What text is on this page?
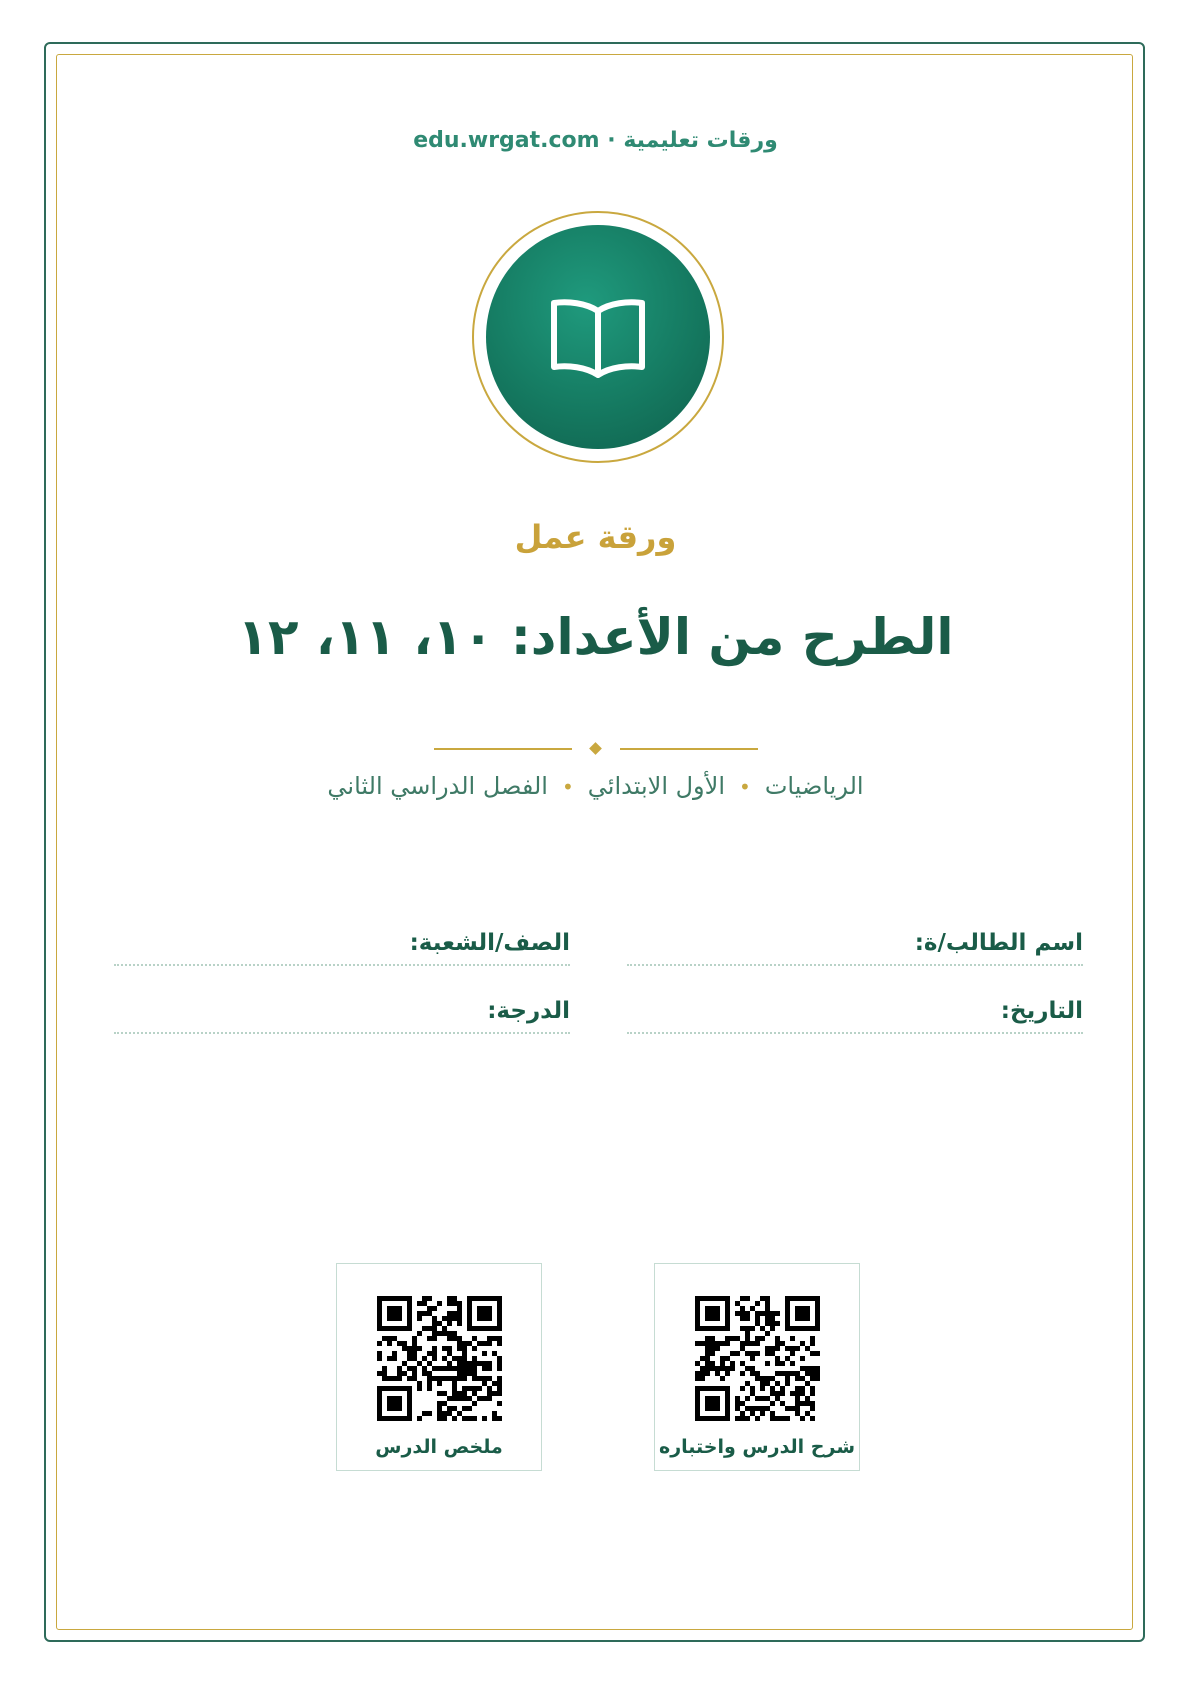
ورقات تعليمية · edu.wrgat.com
ورقة عمل
الطرح من الأعداد: ١٠، ١١، ١٢
الرياضيات•الأول الابتدائي•الفصل الدراسي الثاني
اسم الطالب/ة:
الصف/الشعبة:
التاريخ:
الدرجة:
شرح الدرس واختباره
ملخص الدرس
